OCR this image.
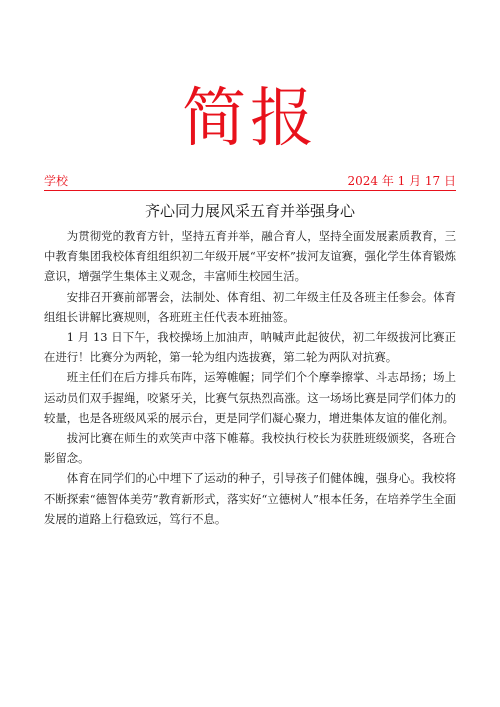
简报
学校	2024 年 1 月 17 日
齐心同力展风采五育并举强身心

为贯彻党的教育方针，坚持五育并举，融合育人，坚持全面发展素质教育，三中教育集团我校体育组组织初二年级开展“平安杯”拔河友谊赛，强化学生体育锻炼意识，增强学生集体主义观念，丰富师生校园生活。

安排召开赛前部署会，法制处、体育组、初二年级主任及各班主任参会。体育组组长讲解比赛规则，各班班主任代表本班抽签。

1 月 13 日下午，我校操场上加油声，呐喊声此起彼伏，初二年级拔河比赛正在进行！比赛分为两轮，第一轮为组内选拔赛，第二轮为两队对抗赛。

班主任们在后方排兵布阵，运筹帷幄；同学们个个摩拳擦掌、斗志昂扬；场上运动员们双手握绳，咬紧牙关，比赛气氛热烈高涨。这一场场比赛是同学们体力的较量，也是各班级风采的展示台，更是同学们凝心聚力，增进集体友谊的催化剂。

拔河比赛在师生的欢笑声中落下帷幕。我校执行校长为获胜班级颁奖，各班合影留念。

体育在同学们的心中埋下了运动的种子，引导孩子们健体魄，强身心。我校将不断探索“德智体美劳”教育新形式，落实好“立德树人”根本任务，在培养学生全面发展的道路上行稳致远，笃行不息。
